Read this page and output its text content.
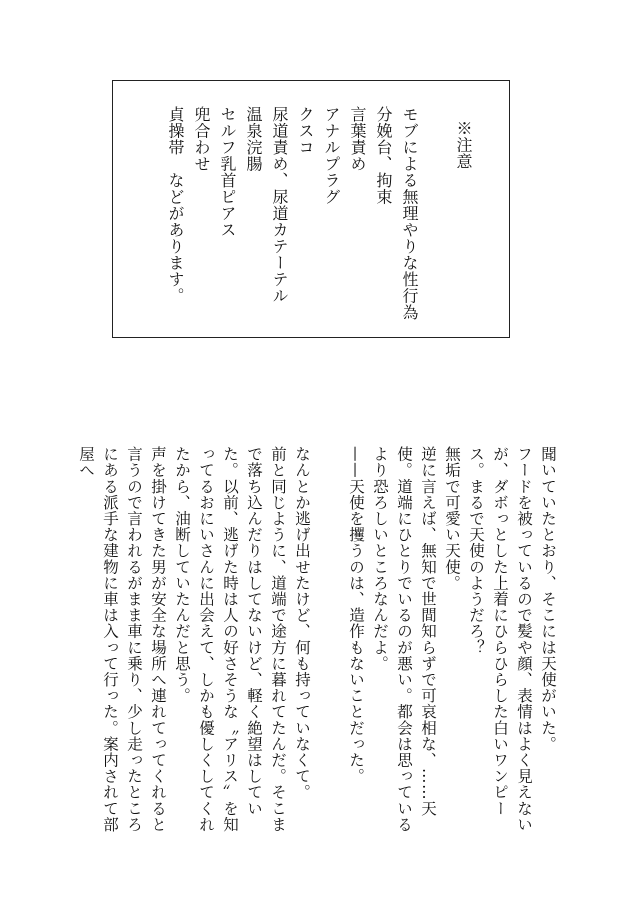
※注意
モブによる無理やりな性行為
分娩台、拘束
言葉責め
アナルプラグ
クスコ
尿道責め、尿道カテーテル
温泉浣腸
セルフ乳首ピアス
兜合わせ
貞操帯　などがあります。

聞いていたとおり、そこには天使がいた。

フードを被っているので髪や顔、表情はよく見えないが、ダボっとした上着にひらひらした白いワンピース。まるで天使のようだろ？

無垢で可愛い天使。

逆に言えば、無知で世間知らずで可哀相な、……天使。道端にひとりでいるのが悪い。都会は思っているより恐ろしいところなんだよ。

——天使を攫うのは、造作もないことだった。

なんとか逃げ出せたけど、何も持っていなくて。

前と同じように、道端で途方に暮れてたんだ。そこまで落ち込んだりはしてないけど、軽く絶望はしていた。以前、逃げた時は人の好さそうな〝アリス〟を知ってるおにいさんに出会えて、しかも優しくしてくれたから、油断していたんだと思う。

声を掛けてきた男が安全な場所へ連れてってくれると言うので言われるがまま車に乗り、少し走ったところにある派手な建物に車は入って行った。案内されて部屋へ
